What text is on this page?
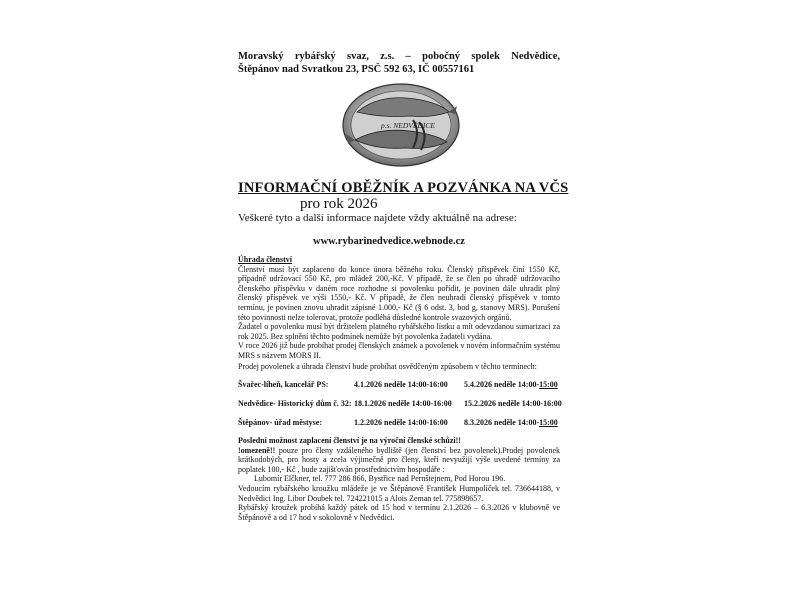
Moravský rybářský svaz, z.s. – pobočný spolek Nedvědice,
Štěpánov nad Svratkou 23, PSČ 592 63, IČ 00557161
p.s. NEDVĚDICE
INFORMAČNÍ OBĚŽNÍK A POZVÁNKA NA VČS
pro rok 2026
Veškeré tyto a další informace najdete vždy aktuálně na adrese:
www.rybarinedvedice.webnode.cz
Úhrada členství

Členství musí být zaplaceno do konce února běžného roku. Členský příspěvek činí 1550 Kč, případně udržovací 550 Kč, pro mládež 200,-Kč. V případě, že se člen po úhradě udržovacího členského příspěvku v daném roce rozhodne si povolenku pořídit, je povinen dále uhradit plný členský příspěvek ve výši 1550,- Kč. V případě, že člen neuhradí členský příspěvek v tomto termínu, je povinen znovu uhradit zápisné 1.000,- Kč (§ 6 odst. 3, bod g, stanovy MRS). Porušení této povinnosti nelze tolerovat, protože podléhá důsledné kontrole svazových orgánů.

Žadatel o povolenku musí být držitelem platného rybářského lístku a mít odevzdanou sumarizaci za rok 2025. Bez splnění těchto podmínek nemůže být povolenka žadateli vydána.

V roce 2026 již bude probíhat prodej členských známek a povolenek v novém informačním systému MRS s názvem MORS II.

Prodej povolenek a úhrada členství bude probíhat osvědčeným způsobem v těchto termínech:
Švařec-líheň, kancelář PS:	4.1.2026 neděle 14:00-16:00 5.4.2026 neděle 14:00-15:00
Nedvědice- Historický dům č. 32: 18.1.2026 neděle 14:00-16:00 15.2.2026 neděle 14:00-16:00
Štěpánov- úřad městyse:	1.2.2026 neděle 14:00-16:00 8.3.2026 neděle 14:00-15:00

Poslední možnost zaplacení členství je na výroční členské schůzi!!

!omezeně!! pouze pro členy vzdáleného bydliště (jen členství bez povolenek).Prodej povolenek krátkodobých, pro hosty a zcela výjimečně pro členy, kteří nevyužijí výše uvedené termíny za poplatek 100,- Kč , bude zajišťován prostřednictvím hospodáře :

Lubomír Elčkner, tel. 777 286 866, Bystřice nad Pernštejnem, Pod Horou 196.

Vedoucím rybářského kroužku mládeže je ve Štěpánově František Humpolíček tel. 736644188, v Nedvědici Ing. Libor Doubek tel. 724221015 a Alois Zeman tel. 775898657.

Rybářský kroužek probíhá každý pátek od 15 hod v termínu 2.1.2026 – 6.3.2026 v klubovně ve Štěpánově a od 17 hod v sokolovně v Nedvědici.
